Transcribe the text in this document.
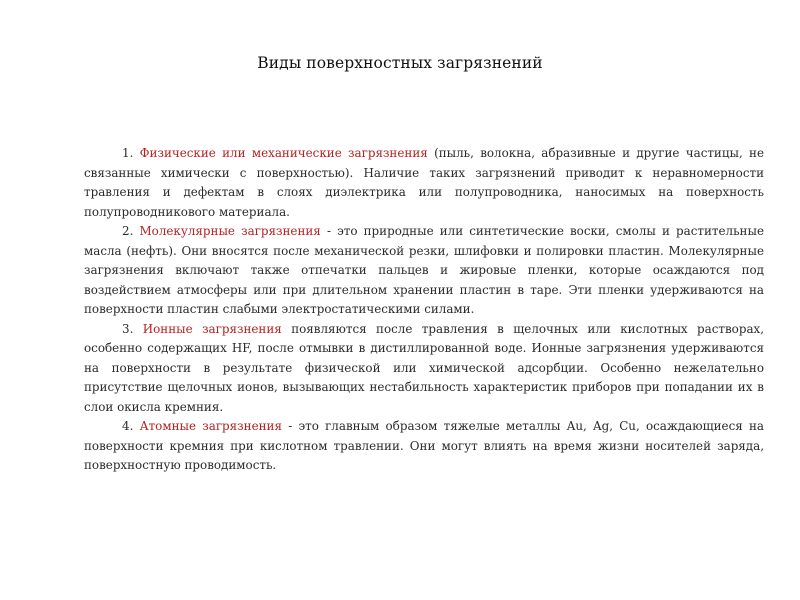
Виды поверхностных загрязнений

1. Физические или механические загрязнения (пыль, волокна, абразивные и другие частицы, не связанные химически с поверхностью). Наличие таких загрязнений приводит к неравномерности травления и дефектам в слоях диэлектрика или полупроводника, наносимых на поверхность полупроводникового материала.

2. Молекулярные загрязнения - это природные или синтетические воски, смолы и растительные масла (нефть). Они вносятся после механической резки, шлифовки и полировки пластин. Молекулярные загрязнения включают также отпечатки пальцев и жировые пленки, которые осаждаются под воздействием атмосферы или при длительном хранении пластин в таре. Эти пленки удерживаются на поверхности пластин слабыми электростатическими силами.

3. Ионные загрязнения появляются после травления в щелочных или кислотных растворах, особенно содержащих HF, после отмывки в дистиллированной воде. Ионные загрязнения удерживаются на поверхности в результате физической или химической адсорбции. Особенно нежелательно присутствие щелочных ионов, вызывающих нестабильность характеристик приборов при попадании их в слои окисла кремния.

4. Атомные загрязнения - это главным образом тяжелые металлы Au, Ag, Cu, осаждающиеся на поверхности кремния при кислотном травлении. Они могут влиять на время жизни носителей заряда, поверхностную проводимость.
